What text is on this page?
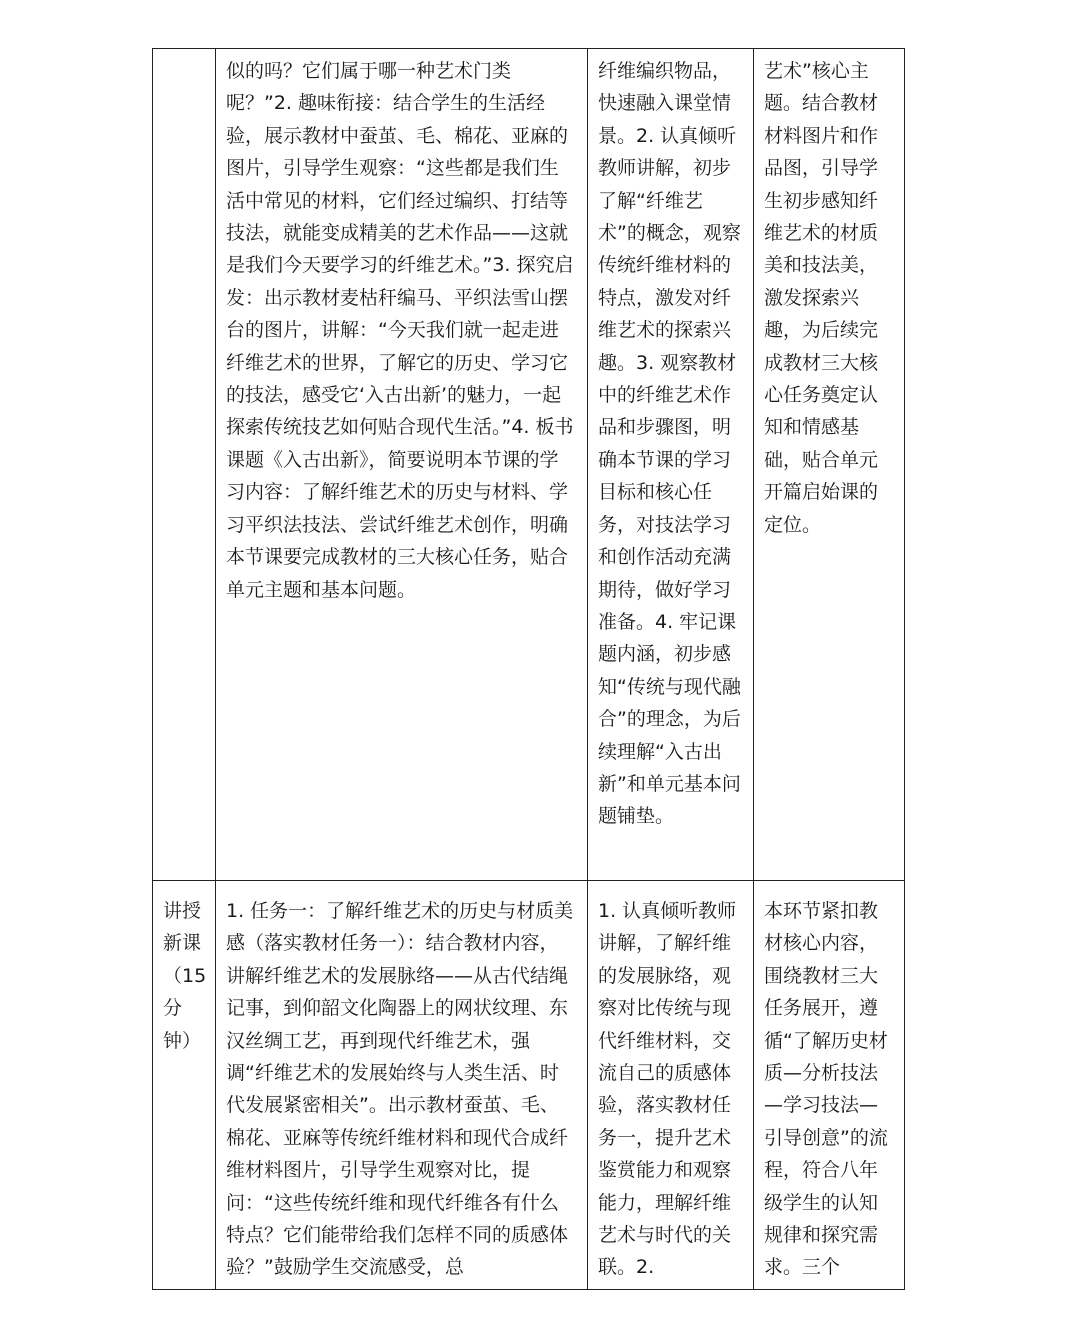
	似的吗？它们属于哪一种艺术门类呢？”2. 趣味衔接：结合学生的生活经验，展示教材中蚕茧、毛、棉花、亚麻的图片，引导学生观察：“这些都是我们生活中常见的材料，它们经过编织、打结等技法，就能变成精美的艺术作品——这就是我们今天要学习的纤维艺术。”3. 探究启发：出示教材麦枯秆编马、平织法雪山摆台的图片，讲解：“今天我们就一起走进纤维艺术的世界，了解它的历史、学习它的技法，感受它‘入古出新’的魅力，一起探索传统技艺如何贴合现代生活。”4. 板书课题《入古出新》，简要说明本节课的学习内容：了解纤维艺术的历史与材料、学习平织法技法、尝试纤维艺术创作，明确本节课要完成教材的三大核心任务，贴合单元主题和基本问题。	纤维编织物品，快速融入课堂情景。2. 认真倾听教师讲解，初步了解“纤维艺术”的概念，观察传统纤维材料的特点，激发对纤维艺术的探索兴趣。3. 观察教材中的纤维艺术作品和步骤图，明确本节课的学习目标和核心任务，对技法学习和创作活动充满期待，做好学习准备。4. 牢记课题内涵，初步感知“传统与现代融合”的理念，为后续理解“入古出新”和单元基本问题铺垫。	艺术”核心主题。结合教材材料图片和作品图，引导学生初步感知纤维艺术的材质美和技法美，激发探索兴趣，为后续完成教材三大核心任务奠定认知和情感基础，贴合单元开篇启始课的定位。

讲授新课（15分钟）	1. 任务一：了解纤维艺术的历史与材质美感（落实教材任务一）：结合教材内容，讲解纤维艺术的发展脉络——从古代结绳记事，到仰韶文化陶器上的网状纹理、东汉丝绸工艺，再到现代纤维艺术，强调“纤维艺术的发展始终与人类生活、时代发展紧密相关”。出示教材蚕茧、毛、棉花、亚麻等传统纤维材料和现代合成纤维材料图片，引导学生观察对比，提问：“这些传统纤维和现代纤维各有什么特点？它们能带给我们怎样不同的质感体验？”鼓励学生交流感受，总	1. 认真倾听教师讲解，了解纤维的发展脉络，观察对比传统与现代纤维材料，交流自己的质感体验，落实教材任务一，提升艺术鉴赏能力和观察能力，理解纤维艺术与时代的关联。2.	本环节紧扣教材核心内容，围绕教材三大任务展开，遵循“了解历史材质—分析技法—学习技法—引导创意”的流程，符合八年级学生的认知规律和探究需求。三个
